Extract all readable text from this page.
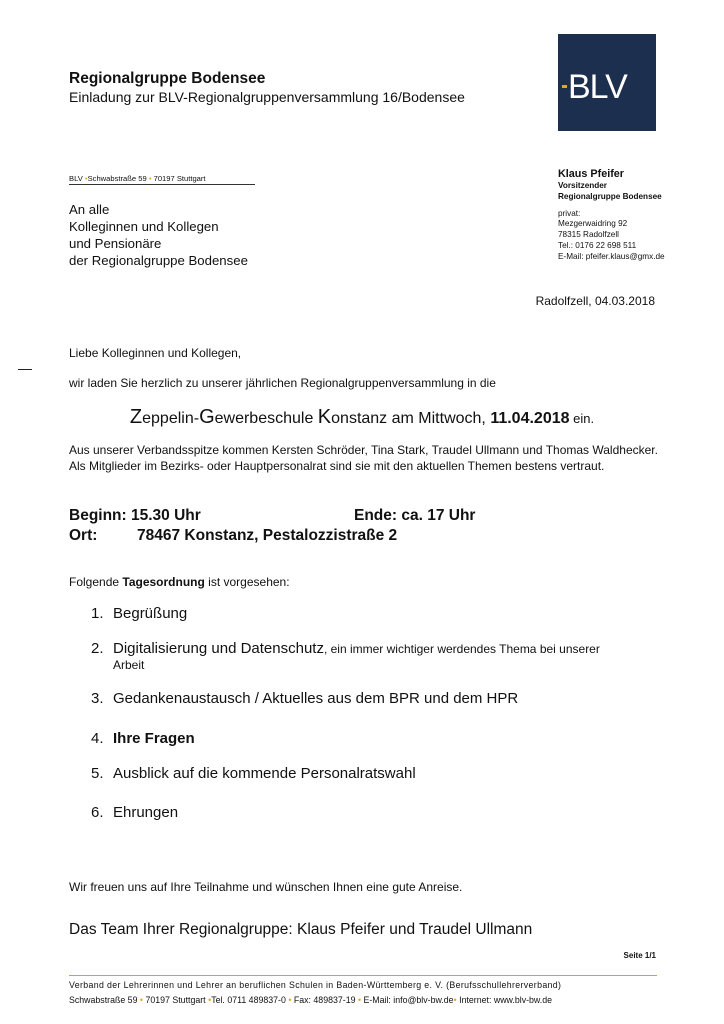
Regionalgruppe Bodensee
Einladung zur BLV-Regionalgruppenversammlung 16/Bodensee	BLV
BLV •Schwabstraße 59 • 70197 Stuttgart
An alle
Kolleginnen und Kollegen
und Pensionäre
der Regionalgruppe Bodensee
Klaus Pfeifer
Vorsitzender
Regionalgruppe Bodensee
privat:
Mezgerwaidring 92
78315 Radolfzell
Tel.: 0176 22 698 511
E-Mail: pfeifer.klaus@gmx.de
Radolfzell, 04.03.2018
Liebe Kolleginnen und Kollegen,
wir laden Sie herzlich zu unserer jährlichen Regionalgruppenversammlung in die
Zeppelin-Gewerbeschule Konstanz am Mittwoch, 11.04.2018 ein.
Aus unserer Verbandsspitze kommen Kersten Schröder, Tina Stark, Traudel Ullmann und Thomas Waldhecker. Als Mitglieder im Bezirks- oder Hauptpersonalrat sind sie mit den aktuellen Themen bestens vertraut.
Beginn: 15.30 Uhr	Ende: ca. 17 Uhr
Ort:	78467 Konstanz, Pestalozzistraße 2
Folgende Tagesordnung ist vorgesehen:
1. Begrüßung
2. Digitalisierung und Datenschutz, ein immer wichtiger werdendes Thema bei unserer
Arbeit
3. Gedankenaustausch / Aktuelles aus dem BPR und dem HPR
4. Ihre Fragen
5. Ausblick auf die kommende Personalratswahl
6. Ehrungen
Wir freuen uns auf Ihre Teilnahme und wünschen Ihnen eine gute Anreise.
Das Team Ihrer Regionalgruppe: Klaus Pfeifer und Traudel Ullmann
Seite 1/1
Verband der Lehrerinnen und Lehrer an beruflichen Schulen in Baden-Württemberg e. V. (Berufsschullehrerverband)
Schwabstraße 59 • 70197 Stuttgart •Tel. 0711 489837-0 • Fax: 489837-19 • E-Mail: info@blv-bw.de• Internet: www.blv-bw.de
